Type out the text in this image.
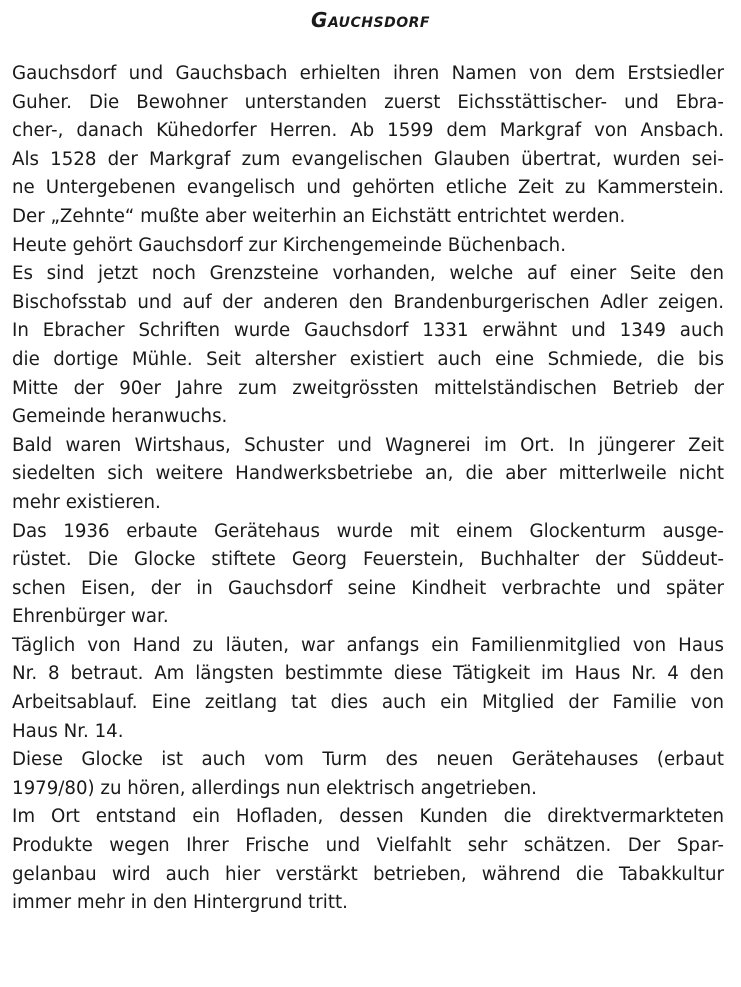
Gauchsdorf
Gauchsdorf und Gauchsbach erhielten ihren Namen von dem Erstsiedler
Guher. Die Bewohner unterstanden zuerst Eichsstättischer- und Ebra-
cher-, danach Kühedorfer Herren. Ab 1599 dem Markgraf von Ansbach.
Als 1528 der Markgraf zum evangelischen Glauben übertrat, wurden sei-
ne Untergebenen evangelisch und gehörten etliche Zeit zu Kammerstein.
Der „Zehnte“ mußte aber weiterhin an Eichstätt entrichtet werden.
Heute gehört Gauchsdorf zur Kirchengemeinde Büchenbach.
Es sind jetzt noch Grenzsteine vorhanden, welche auf einer Seite den
Bischofsstab und auf der anderen den Brandenburgerischen Adler zeigen.
In Ebracher Schriften wurde Gauchsdorf 1331 erwähnt und 1349 auch
die dortige Mühle. Seit altersher existiert auch eine Schmiede, die bis
Mitte der 90er Jahre zum zweitgrössten mittelständischen Betrieb der
Gemeinde heranwuchs.
Bald waren Wirtshaus, Schuster und Wagnerei im Ort. In jüngerer Zeit
siedelten sich weitere Handwerksbetriebe an, die aber mitterlweile nicht
mehr existieren.
Das 1936 erbaute Gerätehaus wurde mit einem Glockenturm ausge-
rüstet. Die Glocke stiftete Georg Feuerstein, Buchhalter der Süddeut-
schen Eisen, der in Gauchsdorf seine Kindheit verbrachte und später
Ehrenbürger war.
Täglich von Hand zu läuten, war anfangs ein Familienmitglied von Haus
Nr. 8 betraut. Am längsten bestimmte diese Tätigkeit im Haus Nr. 4 den
Arbeitsablauf. Eine zeitlang tat dies auch ein Mitglied der Familie von
Haus Nr. 14.
Diese Glocke ist auch vom Turm des neuen Gerätehauses (erbaut
1979/80) zu hören, allerdings nun elektrisch angetrieben.
Im Ort entstand ein Hofladen, dessen Kunden die direktvermarkteten
Produkte wegen Ihrer Frische und Vielfahlt sehr schätzen. Der Spar-
gelanbau wird auch hier verstärkt betrieben, während die Tabakkultur
immer mehr in den Hintergrund tritt.
